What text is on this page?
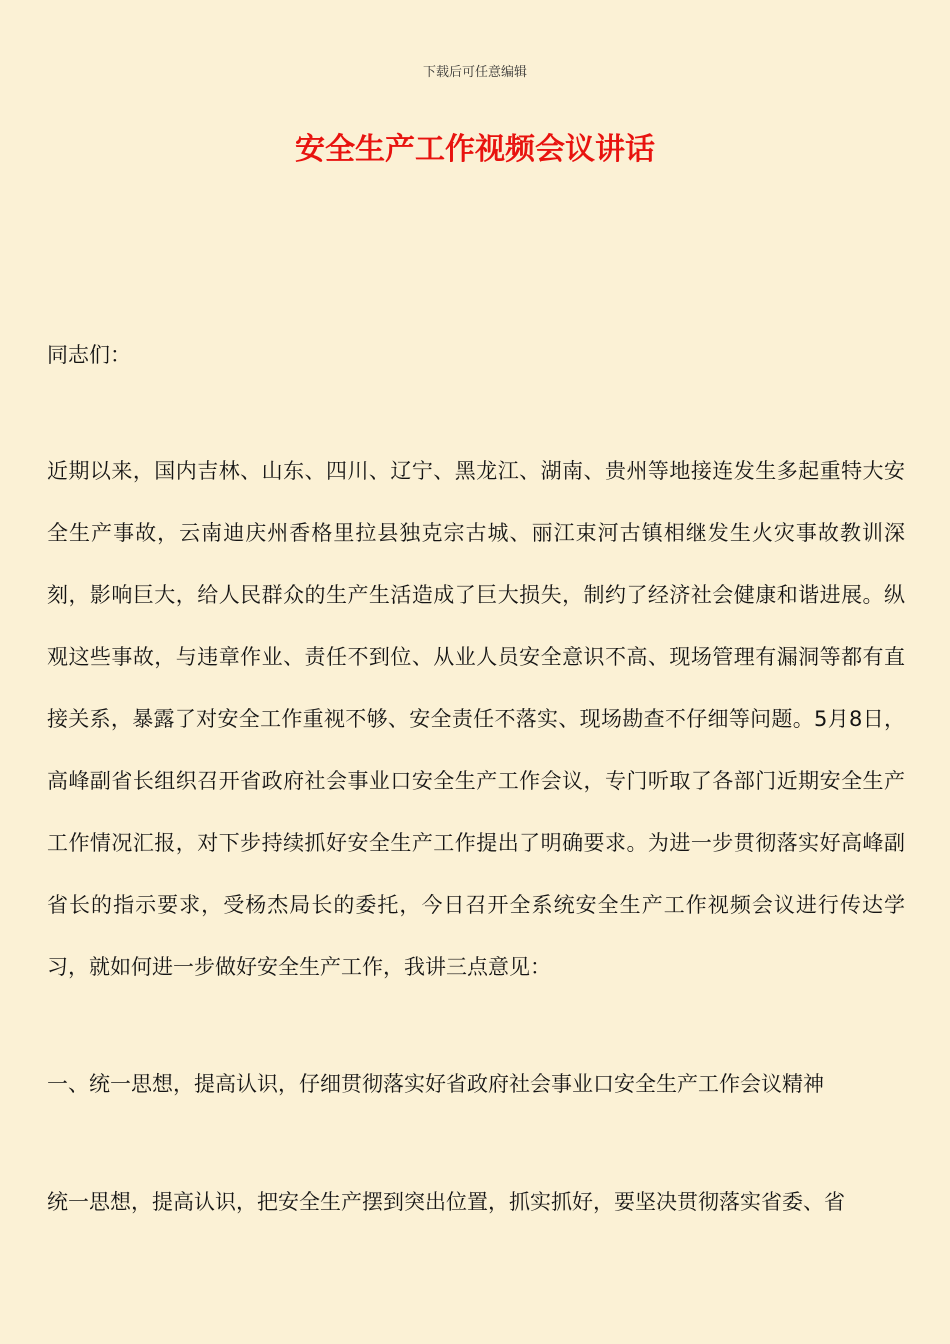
下载后可任意编辑
安全生产工作视频会议讲话
同志们：
近期以来，国内吉林、山东、四川、辽宁、黑龙江、湖南、贵州等地接连发生多起重特大安全生产事故，云南迪庆州香格里拉县独克宗古城、丽江束河古镇相继发生火灾事故教训深刻，影响巨大，给人民群众的生产生活造成了巨大损失，制约了经济社会健康和谐进展。纵观这些事故，与违章作业、责任不到位、从业人员安全意识不高、现场管理有漏洞等都有直接关系，暴露了对安全工作重视不够、安全责任不落实、现场勘查不仔细等问题。5月8日，高峰副省长组织召开省政府社会事业口安全生产工作会议，专门听取了各部门近期安全生产工作情况汇报，对下步持续抓好安全生产工作提出了明确要求。为进一步贯彻落实好高峰副省长的指示要求，受杨杰局长的委托，今日召开全系统安全生产工作视频会议进行传达学习，就如何进一步做好安全生产工作，我讲三点意见：
一、统一思想，提高认识，仔细贯彻落实好省政府社会事业口安全生产工作会议精神
统一思想，提高认识，把安全生产摆到突出位置，抓实抓好，要坚决贯彻落实省委、省
